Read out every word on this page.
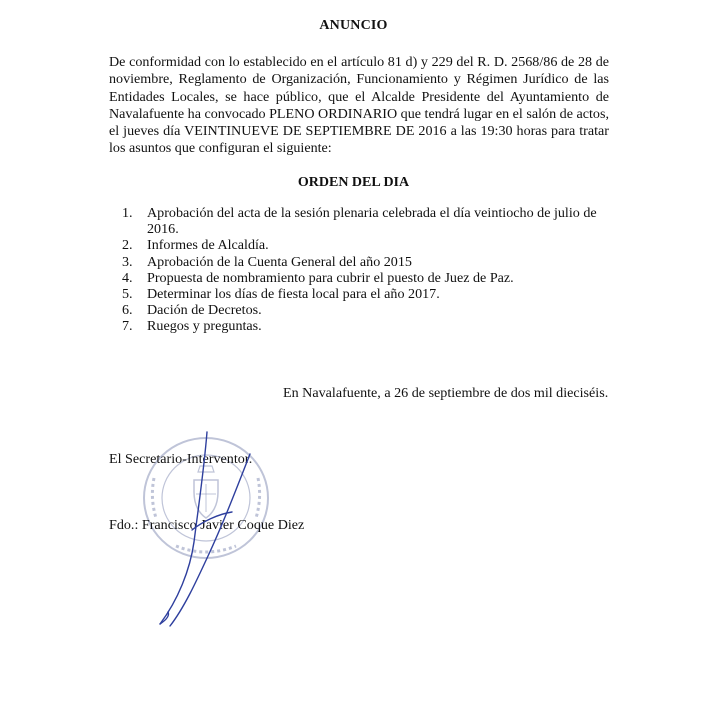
ANUNCIO
De conformidad con lo establecido en el artículo 81 d) y 229 del R. D. 2568/86 de 28 de noviembre, Reglamento de Organización, Funcionamiento y Régimen Jurídico de las Entidades Locales, se hace público, que el Alcalde Presidente del Ayuntamiento de Navalafuente ha convocado PLENO ORDINARIO que tendrá lugar en el salón de actos, el jueves día VEINTINUEVE DE SEPTIEMBRE DE 2016 a las 19:30 horas para tratar los asuntos que configuran el siguiente:
ORDEN DEL DIA
1. Aprobación del acta de la sesión plenaria celebrada el día veintiocho de julio de 2016.
2. Informes de Alcaldía.
3. Aprobación de la Cuenta General del año 2015
4. Propuesta de nombramiento para cubrir el puesto de Juez de Paz.
5. Determinar los días de fiesta local para el año 2017.
6. Dación de Decretos.
7. Ruegos y preguntas.
En Navalafuente, a 26 de septiembre de dos mil dieciséis.
El Secretario-Interventor.
Fdo.: Francisco Javier Coque Diez
